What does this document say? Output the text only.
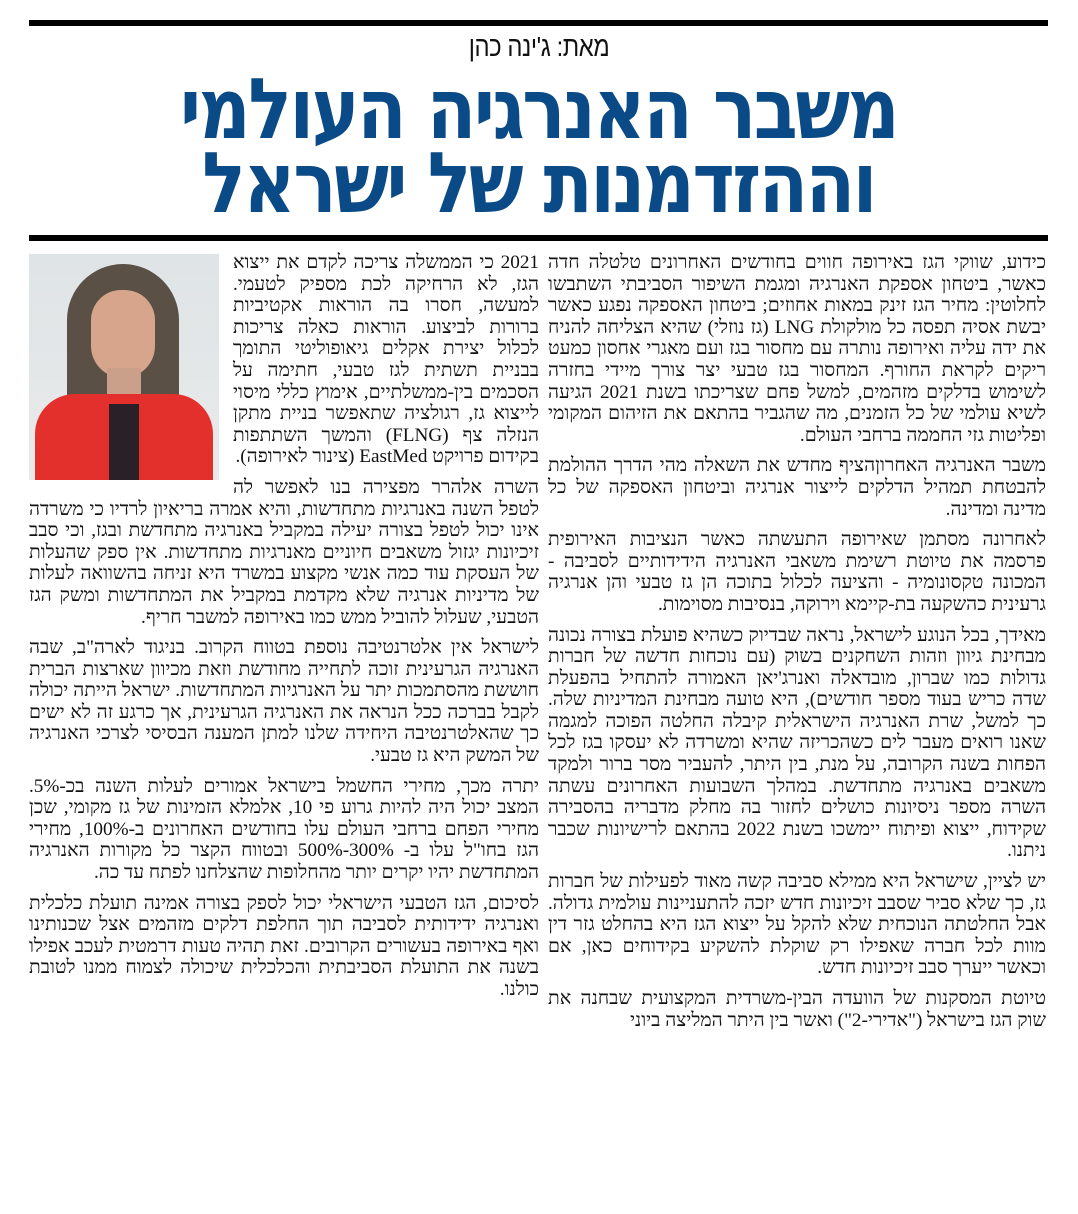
מאת: ג'ינה כהן
משבר האנרגיה העולמי
וההזדמנות של ישראל

כידוע, שווקי הגז באירופה חווים בחודשים האחרונים טלטלה חדה כאשר, ביטחון אספקת האנרגיה ומגמת השיפור הסביבתי השתבשו לחלוטין: מחיר הגז זינק במאות אחוזים; ביטחון האספקה נפגע כאשר יבשת אסיה תפסה כל מולקולת LNG (גז נוזלי) שהיא הצליחה להניח את ידה עליה ואירופה נותרה עם מחסור בגז ועם מאגרי אחסון כמעט ריקים לקראת החורף. המחסור בגז טבעי יצר צורך מיידי בחזרה לשימוש בדלקים מזהמים, למשל פחם שצריכתו בשנת 2021 הגיעה לשיא עולמי של כל הזמנים, מה שהגביר בהתאם את הזיהום המקומי ופליטות גזי החממה ברחבי העולם.

משבר האנרגיה האחרוןהציף מחדש את השאלה מהי הדרך ההולמת להבטחת תמהיל הדלקים לייצור אנרגיה וביטחון האספקה של כל מדינה ומדינה.

לאחרונה מסתמן שאירופה התעשתה כאשר הנציבות האירופית פרסמה את טיוטת רשימת משאבי האנרגיה הידידותיים לסביבה - המכונה טקסונומיה - והציעה לכלול בתוכה הן גז טבעי והן אנרגיה גרעינית כהשקעה בת-קיימא וירוקה, בנסיבות מסוימות.

מאידך, בכל הנוגע לישראל, נראה שבדיוק כשהיא פועלת בצורה נכונה מבחינת גיוון וזהות השחקנים בשוק (עם נוכחות חדשה של חברות גדולות כמו שברון, מובדאלה ואנרג'יאן האמורה להתחיל בהפעלת שדה כריש בעוד מספר חודשים), היא טועה מבחינת המדיניות שלה. כך למשל, שרת האנרגיה הישראלית קיבלה החלטה הפוכה למגמה שאנו רואים מעבר לים כשהכריזה שהיא ומשרדה לא יעסקו בגז לכל הפחות בשנה הקרובה, על מנת, בין היתר, להעביר מסר ברור ולמקד משאבים באנרגיה מתחדשת. במהלך השבועות האחרונים עשתה השרה מספר ניסיונות כושלים לחזור בה מחלק מדבריה בהסבירה שקידוח, ייצוא ופיתוח יימשכו בשנת 2022 בהתאם לרישיונות שכבר ניתנו.

יש לציין, שישראל היא ממילא סביבה קשה מאוד לפעילות של חברות גז, כך שלא סביר שסבב זיכיונות חדש יזכה להתעניינות עולמית גדולה. אבל החלטתה הנוכחית שלא להקל על ייצוא הגז היא בהחלט גזר דין מוות לכל חברה שאפילו רק שוקלת להשקיע בקידוחים כאן, אם וכאשר ייערך סבב זיכיונות חדש.

טיוטת המסקנות של הוועדה הבין-משרדית המקצועית שבחנה את שוק הגז בישראל ("אדירי-2") ואשר בין היתר המליצה ביוני

2021 כי הממשלה צריכה לקדם את ייצוא הגז, לא הרחיקה לכת מספיק לטעמי. למעשה, חסרו בה הוראות אקטיביות ברורות לביצוע. הוראות כאלה צריכות לכלול יצירת אקלים גיאופוליטי התומך בבניית תשתית לגז טבעי, חתימה על הסכמים בין-ממשלתיים, אימוץ כללי מיסוי לייצוא גז, רגולציה שתאפשר בניית מתקן הנזלה צף (FLNG) והמשך השתתפות בקידום פרויקט EastMed (צינור לאירופה).

השרה אלהרר מפצירה בנו לאפשר לה לטפל השנה באנרגיות מתחדשות, והיא אמרה בריאיון לרדיו כי משרדה אינו יכול לטפל בצורה יעילה במקביל באנרגיה מתחדשת ובגז, וכי סבב זיכיונות יגזול משאבים חיוניים מאנרגיות מתחדשות. אין ספק שהעלות של העסקת עוד כמה אנשי מקצוע במשרד היא זניחה בהשוואה לעלות של מדיניות אנרגיה שלא מקדמת במקביל את המתחדשות ומשק הגז הטבעי, שעלול להוביל ממש כמו באירופה למשבר חריף.

לישראל אין אלטרנטיבה נוספת בטווח הקרוב. בניגוד לארה"ב, שבה האנרגיה הגרעינית זוכה לתחייה מחודשת וזאת מכיוון שארצות הברית חוששת מהסתמכות יתר על האנרגיות המתחדשות. ישראל הייתה יכולה לקבל בברכה ככל הנראה את האנרגיה הגרעינית, אך כרגע זה לא ישים כך שהאלטרנטיבה היחידה שלנו למתן המענה הבסיסי לצרכי האנרגיה של המשק היא גז טבעי.

יתרה מכך, מחירי החשמל בישראל אמורים לעלות השנה בכ-5%. המצב יכול היה להיות גרוע פי 10, אלמלא הזמינות של גז מקומי, שכן מחירי הפחם ברחבי העולם עלו בחודשים האחרונים ב-100%, מחירי הגז בחו"ל עלו ב- 300%-500% ובטווח הקצר כל מקורות האנרגיה המתחדשת יהיו יקרים יותר מהחלופות שהצלחנו לפתח עד כה.

לסיכום, הגז הטבעי הישראלי יכול לספק בצורה אמינה תועלת כלכלית ואנרגיה ידידותית לסביבה תוך החלפת דלקים מזהמים אצל שכנותינו ואף באירופה בעשורים הקרובים. זאת תהיה טעות דרמטית לעכב אפילו בשנה את התועלת הסביבתית והכלכלית שיכולה לצמוח ממנו לטובת כולנו.
